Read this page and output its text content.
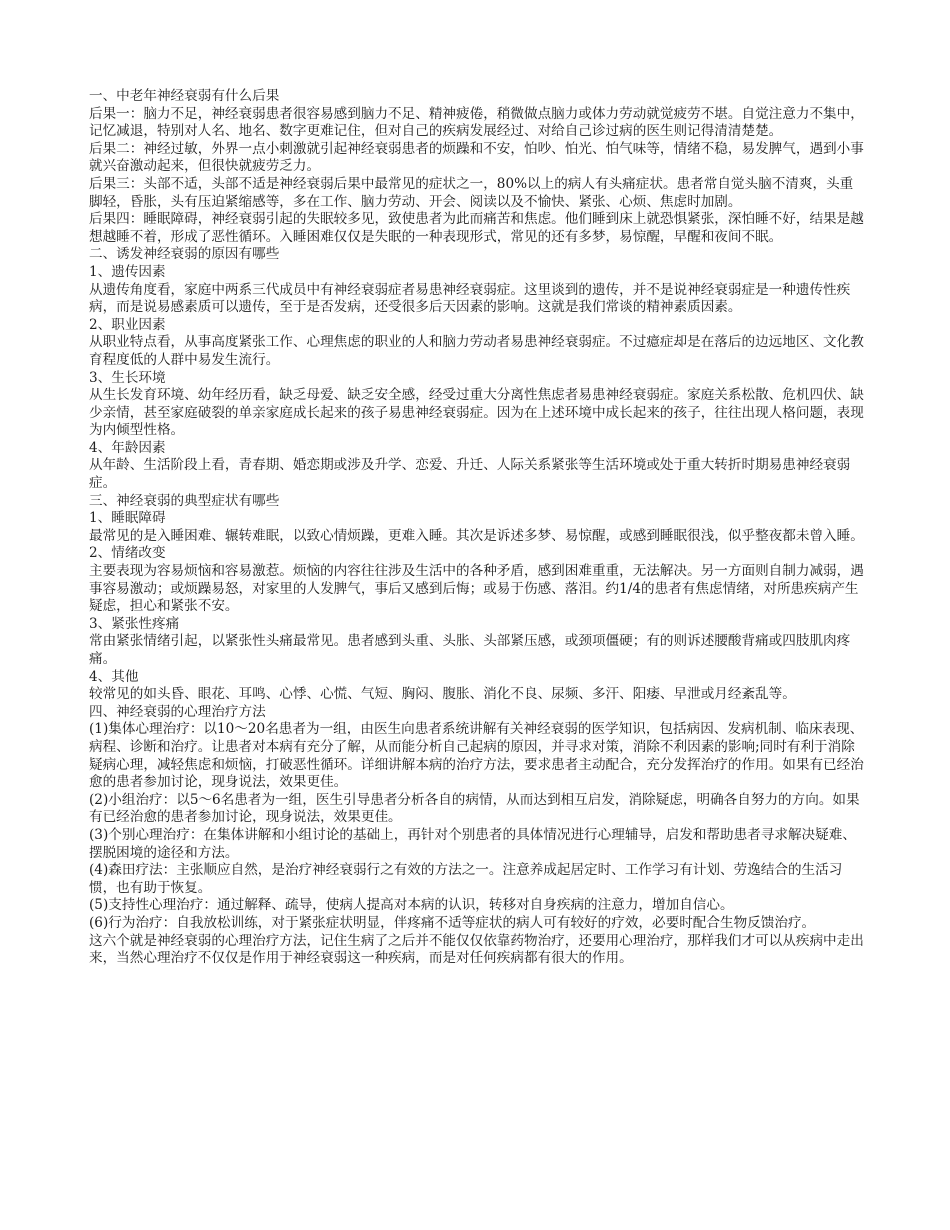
一、中老年神经衰弱有什么后果

后果一：脑力不足，神经衰弱患者很容易感到脑力不足、精神疲倦，稍微做点脑力或体力劳动就觉疲劳不堪。自觉注意力不集中，记忆减退，特别对人名、地名、数字更难记住，但对自己的疾病发展经过、对给自己诊过病的医生则记得清清楚楚。

后果二：神经过敏，外界一点小刺激就引起神经衰弱患者的烦躁和不安，怕吵、怕光、怕气味等，情绪不稳，易发脾气，遇到小事就兴奋激动起来，但很快就疲劳乏力。

后果三：头部不适，头部不适是神经衰弱后果中最常见的症状之一，80%以上的病人有头痛症状。患者常自觉头脑不清爽，头重脚轻，昏胀，头有压迫紧缩感等，多在工作、脑力劳动、开会、阅读以及不愉快、紧张、心烦、焦虑时加剧。

后果四：睡眠障碍，神经衰弱引起的失眠较多见，致使患者为此而痛苦和焦虑。他们睡到床上就恐惧紧张，深怕睡不好，结果是越想越睡不着，形成了恶性循环。入睡困难仅仅是失眠的一种表现形式，常见的还有多梦，易惊醒，早醒和夜间不眠。

二、诱发神经衰弱的原因有哪些

1、遗传因素

从遗传角度看，家庭中两系三代成员中有神经衰弱症者易患神经衰弱症。这里谈到的遗传，并不是说神经衰弱症是一种遗传性疾病，而是说易感素质可以遗传，至于是否发病，还受很多后天因素的影响。这就是我们常谈的精神素质因素。

2、职业因素

从职业特点看，从事高度紧张工作、心理焦虑的职业的人和脑力劳动者易患神经衰弱症。不过癔症却是在落后的边远地区、文化教育程度低的人群中易发生流行。

3、生长环境

从生长发育环境、幼年经历看，缺乏母爱、缺乏安全感，经受过重大分离性焦虑者易患神经衰弱症。家庭关系松散、危机四伏、缺少亲情，甚至家庭破裂的单亲家庭成长起来的孩子易患神经衰弱症。因为在上述环境中成长起来的孩子，往往出现人格问题，表现为内倾型性格。

4、年龄因素

从年龄、生活阶段上看，青春期、婚恋期或涉及升学、恋爱、升迁、人际关系紧张等生活环境或处于重大转折时期易患神经衰弱症。

三、神经衰弱的典型症状有哪些

1、睡眠障碍

最常见的是入睡困难、辗转难眠，以致心情烦躁，更难入睡。其次是诉述多梦、易惊醒，或感到睡眠很浅，似乎整夜都未曾入睡。

2、情绪改变

主要表现为容易烦恼和容易激惹。烦恼的内容往往涉及生活中的各种矛盾，感到困难重重，无法解决。另一方面则自制力减弱，遇事容易激动；或烦躁易怒，对家里的人发脾气，事后又感到后悔；或易于伤感、落泪。约1/4的患者有焦虑情绪，对所患疾病产生疑虑，担心和紧张不安。

3、紧张性疼痛

常由紧张情绪引起，以紧张性头痛最常见。患者感到头重、头胀、头部紧压感，或颈项僵硬；有的则诉述腰酸背痛或四肢肌肉疼痛。

4、其他

较常见的如头昏、眼花、耳鸣、心悸、心慌、气短、胸闷、腹胀、消化不良、尿频、多汗、阳痿、早泄或月经紊乱等。

四、神经衰弱的心理治疗方法

(1)集体心理治疗：以10～20名患者为一组，由医生向患者系统讲解有关神经衰弱的医学知识，包括病因、发病机制、临床表现、病程、诊断和治疗。让患者对本病有充分了解，从而能分析自己起病的原因，并寻求对策，消除不利因素的影响;同时有利于消除疑病心理，减轻焦虑和烦恼，打破恶性循环。详细讲解本病的治疗方法，要求患者主动配合，充分发挥治疗的作用。如果有已经治愈的患者参加讨论，现身说法，效果更佳。

(2)小组治疗：以5～6名患者为一组，医生引导患者分析各自的病情，从而达到相互启发，消除疑虑，明确各自努力的方向。如果有已经治愈的患者参加讨论，现身说法，效果更佳。

(3)个别心理治疗：在集体讲解和小组讨论的基础上，再针对个别患者的具体情况进行心理辅导，启发和帮助患者寻求解决疑难、摆脱困境的途径和方法。

(4)森田疗法：主张顺应自然，是治疗神经衰弱行之有效的方法之一。注意养成起居定时、工作学习有计划、劳逸结合的生活习惯，也有助于恢复。

(5)支持性心理治疗：通过解释、疏导，使病人提高对本病的认识，转移对自身疾病的注意力，增加自信心。

(6)行为治疗：自我放松训练，对于紧张症状明显，伴疼痛不适等症状的病人可有较好的疗效，必要时配合生物反馈治疗。

这六个就是神经衰弱的心理治疗方法，记住生病了之后并不能仅仅依靠药物治疗，还要用心理治疗，那样我们才可以从疾病中走出来，当然心理治疗不仅仅是作用于神经衰弱这一种疾病，而是对任何疾病都有很大的作用。
